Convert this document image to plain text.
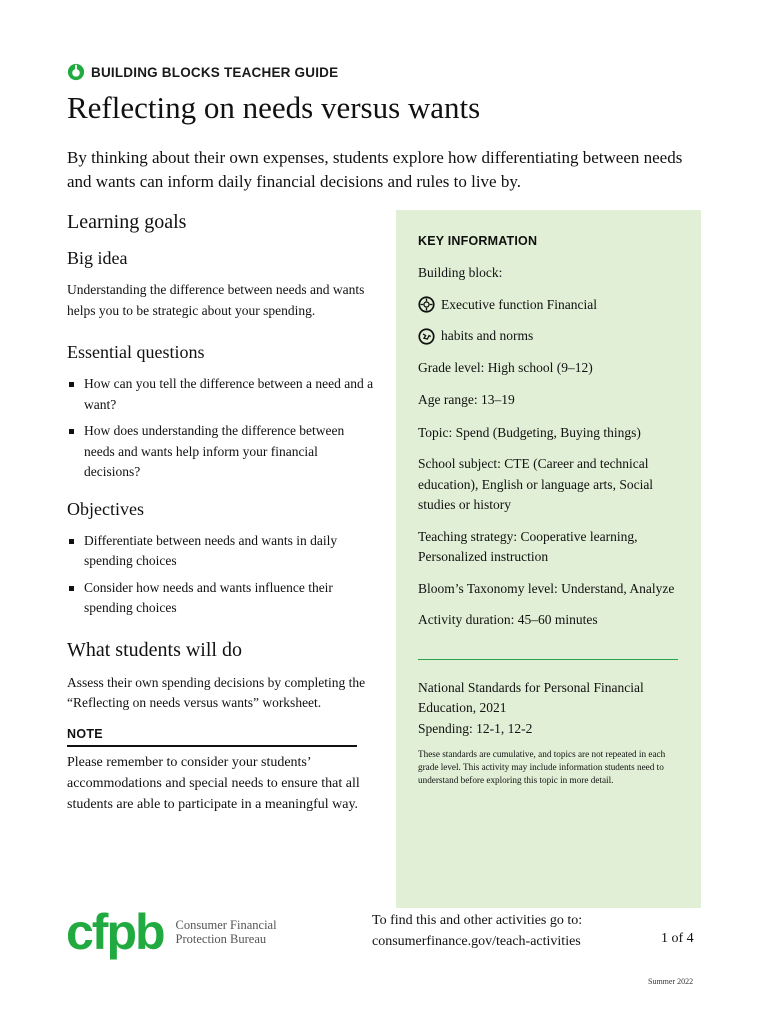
BUILDING BLOCKS TEACHER GUIDE
Reflecting on needs versus wants

By thinking about their own expenses, students explore how differentiating between needs and wants can inform daily financial decisions and rules to live by.

Learning goals
Big idea

Understanding the difference between needs and wants helps you to be strategic about your spending.

Essential questions
How can you tell the difference between a need and a want?
How does understanding the difference between needs and wants help inform your financial decisions?
Objectives
Differentiate between needs and wants in daily spending choices
Consider how needs and wants influence their spending choices
What students will do

Assess their own spending decisions by completing the “Reflecting on needs versus wants” worksheet.

NOTE

Please remember to consider your students’ accommodations and special needs to ensure that all students are able to participate in a meaningful way.

KEY INFORMATION

Building block:

Executive function Financial
habits and norms

Grade level: High school (9–12)

Age range: 13–19

Topic: Spend (Budgeting, Buying things)

School subject: CTE (Career and technical education), English or language arts, Social studies or history

Teaching strategy: Cooperative learning, Personalized instruction

Bloom’s Taxonomy level: Understand, Analyze

Activity duration: 45–60 minutes

National Standards for Personal Financial Education, 2021

Spending: 12-1, 12-2

These standards are cumulative, and topics are not repeated in each grade level. This activity may include information students need to understand before exploring this topic in more detail.

cfpb Consumer Financial
Protection Bureau
To find this and other activities go to:
consumerfinance.gov/teach-activities	1 of 4
Summer 2022
